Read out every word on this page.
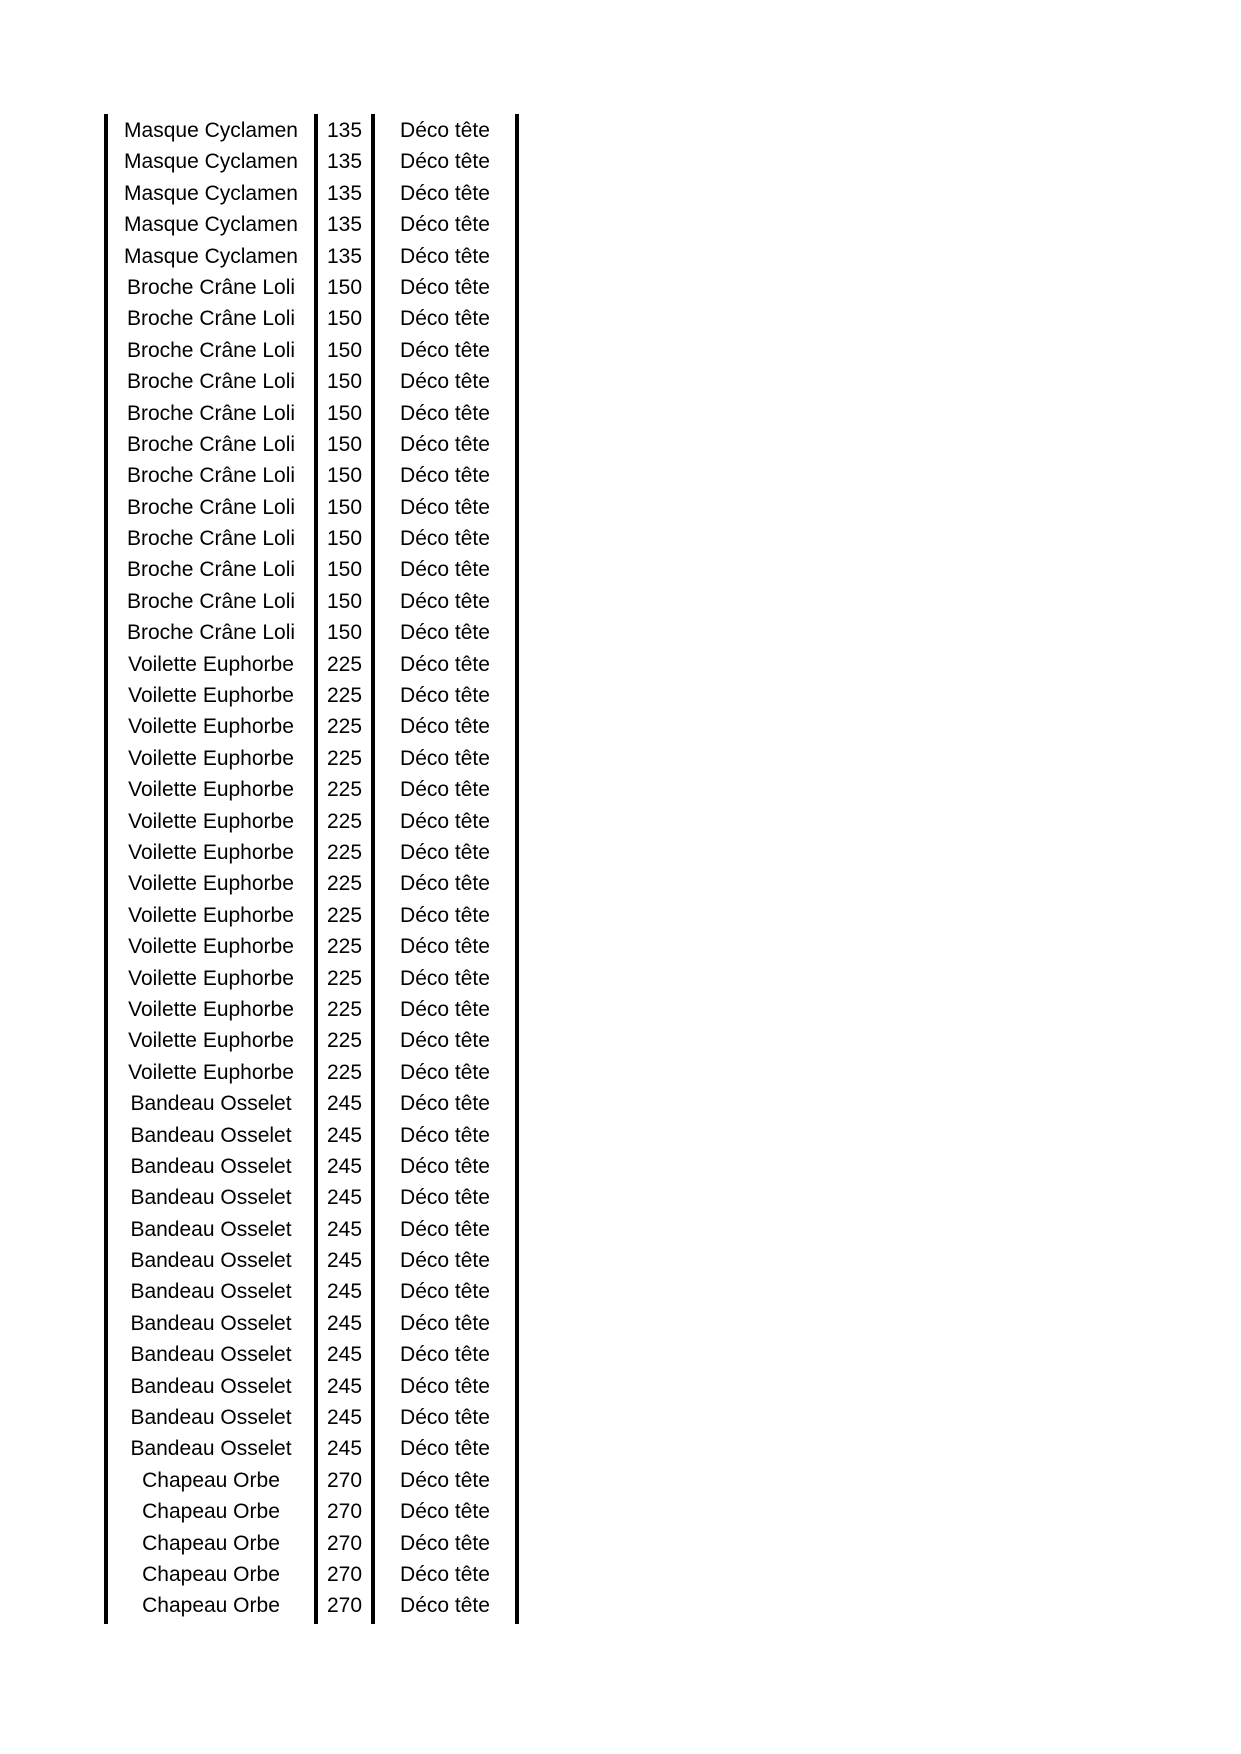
Masque Cyclamen	135	Déco tête
Masque Cyclamen	135	Déco tête
Masque Cyclamen	135	Déco tête
Masque Cyclamen	135	Déco tête
Masque Cyclamen	135	Déco tête
Broche Crâne Loli	150	Déco tête
Broche Crâne Loli	150	Déco tête
Broche Crâne Loli	150	Déco tête
Broche Crâne Loli	150	Déco tête
Broche Crâne Loli	150	Déco tête
Broche Crâne Loli	150	Déco tête
Broche Crâne Loli	150	Déco tête
Broche Crâne Loli	150	Déco tête
Broche Crâne Loli	150	Déco tête
Broche Crâne Loli	150	Déco tête
Broche Crâne Loli	150	Déco tête
Broche Crâne Loli	150	Déco tête
Voilette Euphorbe	225	Déco tête
Voilette Euphorbe	225	Déco tête
Voilette Euphorbe	225	Déco tête
Voilette Euphorbe	225	Déco tête
Voilette Euphorbe	225	Déco tête
Voilette Euphorbe	225	Déco tête
Voilette Euphorbe	225	Déco tête
Voilette Euphorbe	225	Déco tête
Voilette Euphorbe	225	Déco tête
Voilette Euphorbe	225	Déco tête
Voilette Euphorbe	225	Déco tête
Voilette Euphorbe	225	Déco tête
Voilette Euphorbe	225	Déco tête
Voilette Euphorbe	225	Déco tête
Bandeau Osselet	245	Déco tête
Bandeau Osselet	245	Déco tête
Bandeau Osselet	245	Déco tête
Bandeau Osselet	245	Déco tête
Bandeau Osselet	245	Déco tête
Bandeau Osselet	245	Déco tête
Bandeau Osselet	245	Déco tête
Bandeau Osselet	245	Déco tête
Bandeau Osselet	245	Déco tête
Bandeau Osselet	245	Déco tête
Bandeau Osselet	245	Déco tête
Bandeau Osselet	245	Déco tête
Chapeau Orbe	270	Déco tête
Chapeau Orbe	270	Déco tête
Chapeau Orbe	270	Déco tête
Chapeau Orbe	270	Déco tête
Chapeau Orbe	270	Déco tête
